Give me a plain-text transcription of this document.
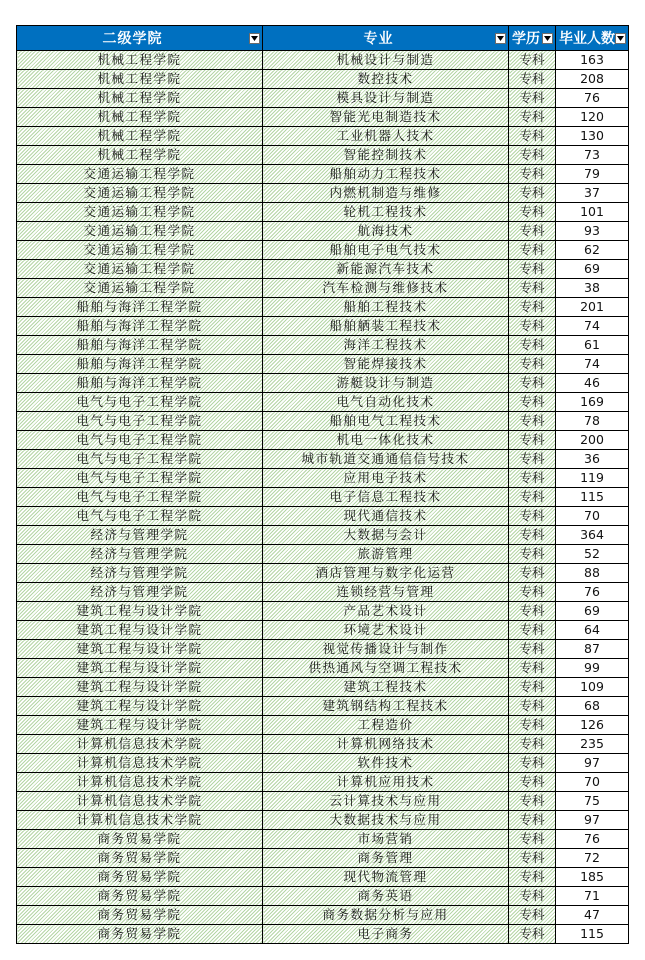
二级学院	专业	学历	毕业人数

机械工程学院	机械设计与制造	专科	163
机械工程学院	数控技术	专科	208
机械工程学院	模具设计与制造	专科	76
机械工程学院	智能光电制造技术	专科	120
机械工程学院	工业机器人技术	专科	130
机械工程学院	智能控制技术	专科	73
交通运输工程学院	船舶动力工程技术	专科	79
交通运输工程学院	内燃机制造与维修	专科	37
交通运输工程学院	轮机工程技术	专科	101
交通运输工程学院	航海技术	专科	93
交通运输工程学院	船舶电子电气技术	专科	62
交通运输工程学院	新能源汽车技术	专科	69
交通运输工程学院	汽车检测与维修技术	专科	38
船舶与海洋工程学院	船舶工程技术	专科	201
船舶与海洋工程学院	船舶舾装工程技术	专科	74
船舶与海洋工程学院	海洋工程技术	专科	61
船舶与海洋工程学院	智能焊接技术	专科	74
船舶与海洋工程学院	游艇设计与制造	专科	46
电气与电子工程学院	电气自动化技术	专科	169
电气与电子工程学院	船舶电气工程技术	专科	78
电气与电子工程学院	机电一体化技术	专科	200
电气与电子工程学院	城市轨道交通通信信号技术	专科	36
电气与电子工程学院	应用电子技术	专科	119
电气与电子工程学院	电子信息工程技术	专科	115
电气与电子工程学院	现代通信技术	专科	70
经济与管理学院	大数据与会计	专科	364
经济与管理学院	旅游管理	专科	52
经济与管理学院	酒店管理与数字化运营	专科	88
经济与管理学院	连锁经营与管理	专科	76
建筑工程与设计学院	产品艺术设计	专科	69
建筑工程与设计学院	环境艺术设计	专科	64
建筑工程与设计学院	视觉传播设计与制作	专科	87
建筑工程与设计学院	供热通风与空调工程技术	专科	99
建筑工程与设计学院	建筑工程技术	专科	109
建筑工程与设计学院	建筑钢结构工程技术	专科	68
建筑工程与设计学院	工程造价	专科	126
计算机信息技术学院	计算机网络技术	专科	235
计算机信息技术学院	软件技术	专科	97
计算机信息技术学院	计算机应用技术	专科	70
计算机信息技术学院	云计算技术与应用	专科	75
计算机信息技术学院	大数据技术与应用	专科	97
商务贸易学院	市场营销	专科	76
商务贸易学院	商务管理	专科	72
商务贸易学院	现代物流管理	专科	185
商务贸易学院	商务英语	专科	71
商务贸易学院	商务数据分析与应用	专科	47
商务贸易学院	电子商务	专科	115
